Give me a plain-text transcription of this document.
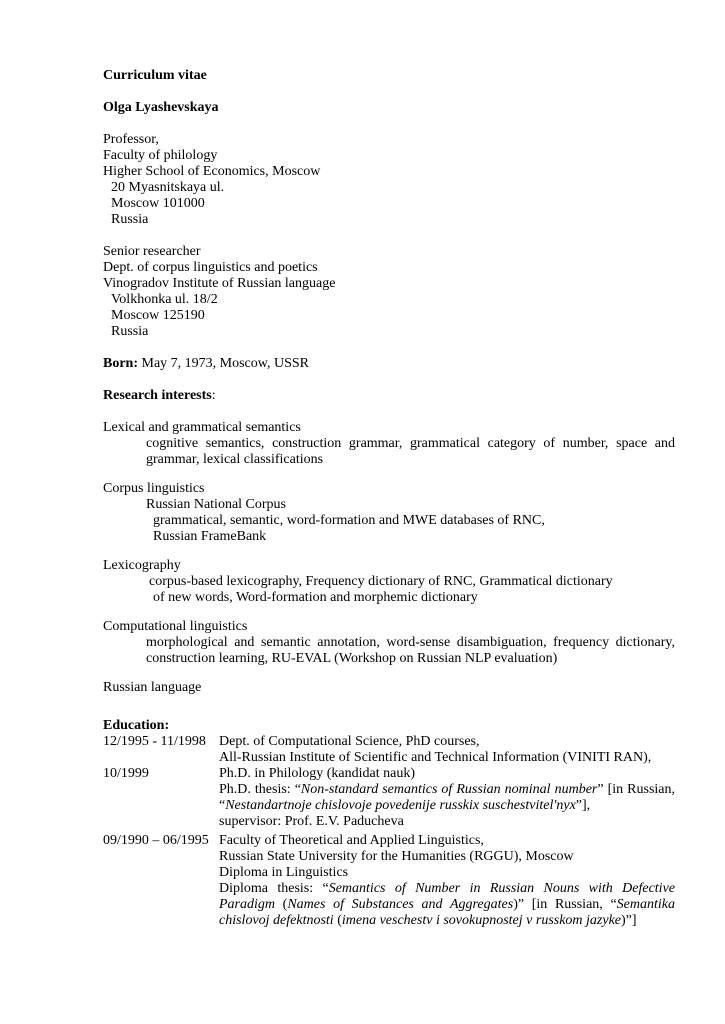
Curriculum vitae
Olga Lyashevskaya
Professor,
Faculty of philology
Higher School of Economics, Moscow
20 Myasnitskaya ul.
Moscow 101000
Russia
Senior researcher
Dept. of corpus linguistics and poetics
Vinogradov Institute of Russian language
Volkhonka ul. 18/2
Moscow 125190
Russia
Born: May 7, 1973, Moscow, USSR
Research interests:
Lexical and grammatical semantics
cognitive semantics, construction grammar, grammatical category of number, space and grammar, lexical classifications
Corpus linguistics
Russian National Corpus
grammatical, semantic, word-formation and MWE databases of RNC,
Russian FrameBank
Lexicography
corpus-based lexicography, Frequency dictionary of RNC, Grammatical dictionary
of new words, Word-formation and morphemic dictionary
Computational linguistics
morphological and semantic annotation, word-sense disambiguation, frequency dictionary, construction learning, RU-EVAL (Workshop on Russian NLP evaluation)
Russian language
Education:
12/1995 - 11/1998 Dept. of Computational Science, PhD courses,
All-Russian Institute of Scientific and Technical Information (VINITI RAN),
10/1999	Ph.D. in Philology (kandidat nauk)
Ph.D. thesis: “Non-standard semantics of Russian nominal number” [in Russian, “Nestandartnoje chislovoje povedenije russkix suschestvitel'nyx”],
supervisor: Prof. E.V. Paducheva
09/1990 – 06/1995 Faculty of Theoretical and Applied Linguistics,
Russian State University for the Humanities (RGGU), Moscow
Diploma in Linguistics
Diploma thesis: “Semantics of Number in Russian Nouns with Defective Paradigm (Names of Substances and Aggregates)” [in Russian, “Semantika chislovoj defektnosti (imena veschestv i sovokupnostej v russkom jazyke)”]
